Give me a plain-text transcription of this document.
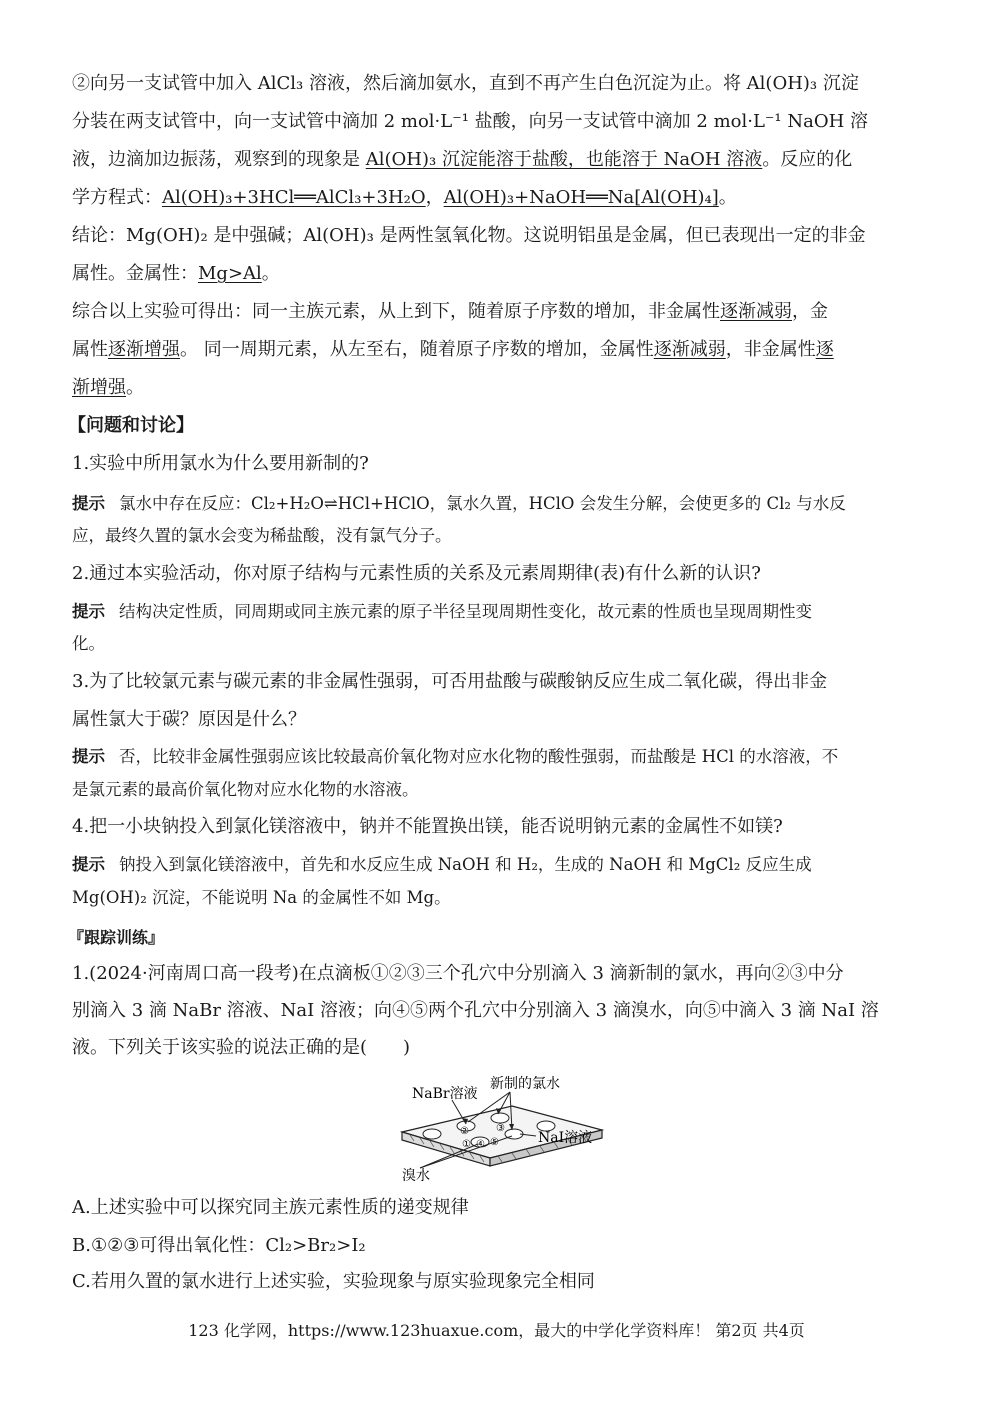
②向另一支试管中加入 AlCl₃ 溶液，然后滴加氨水，直到不再产生白色沉淀为止。将 Al(OH)₃ 沉淀
分装在两支试管中，向一支试管中滴加 2 mol·L⁻¹ 盐酸，向另一支试管中滴加 2 mol·L⁻¹ NaOH 溶
液，边滴加边振荡，观察到的现象是 Al(OH)₃ 沉淀能溶于盐酸，也能溶于 NaOH 溶液。反应的化
学方程式：Al(OH)₃+3HCl══AlCl₃+3H₂O，Al(OH)₃+NaOH══Na[Al(OH)₄]。
结论：Mg(OH)₂ 是中强碱；Al(OH)₃ 是两性氢氧化物。这说明铝虽是金属，但已表现出一定的非金
属性。金属性：Mg>Al。
综合以上实验可得出：同一主族元素，从上到下，随着原子序数的增加，非金属性逐渐减弱，金
属性逐渐增强。 同一周期元素，从左至右，随着原子序数的增加，金属性逐渐减弱，非金属性逐
渐增强。
【问题和讨论】
1.实验中所用氯水为什么要用新制的?
提示 氯水中存在反应：Cl₂+H₂O⇌HCl+HClO，氯水久置，HClO 会发生分解，会使更多的 Cl₂ 与水反
应，最终久置的氯水会变为稀盐酸，没有氯气分子。
2.通过本实验活动，你对原子结构与元素性质的关系及元素周期律(表)有什么新的认识?
提示 结构决定性质，同周期或同主族元素的原子半径呈现周期性变化，故元素的性质也呈现周期性变
化。
3.为了比较氯元素与碳元素的非金属性强弱，可否用盐酸与碳酸钠反应生成二氧化碳，得出非金
属性氯大于碳？原因是什么？
提示 否，比较非金属性强弱应该比较最高价氧化物对应水化物的酸性强弱，而盐酸是 HCl 的水溶液，不
是氯元素的最高价氧化物对应水化物的水溶液。
4.把一小块钠投入到氯化镁溶液中，钠并不能置换出镁，能否说明钠元素的金属性不如镁?
提示 钠投入到氯化镁溶液中，首先和水反应生成 NaOH 和 H₂，生成的 NaOH 和 MgCl₂ 反应生成
Mg(OH)₂ 沉淀，不能说明 Na 的金属性不如 Mg。
『跟踪训练』
1.(2024·河南周口高一段考)在点滴板①②③三个孔穴中分别滴入 3 滴新制的氯水，再向②③中分
别滴入 3 滴 NaBr 溶液、NaI 溶液；向④⑤两个孔穴中分别滴入 3 滴溴水，向⑤中滴入 3 滴 NaI 溶
液。下列关于该实验的说法正确的是(　　)
①
②	③
④ ⑤
NaBr溶液
新制的氯水
NaI溶液
溴水
A.上述实验中可以探究同主族元素性质的递变规律
B.①②③可得出氧化性：Cl₂>Br₂>I₂
C.若用久置的氯水进行上述实验，实验现象与原实验现象完全相同
123 化学网，https://www.123huaxue.com，最大的中学化学资料库！ 第2页 共4页
